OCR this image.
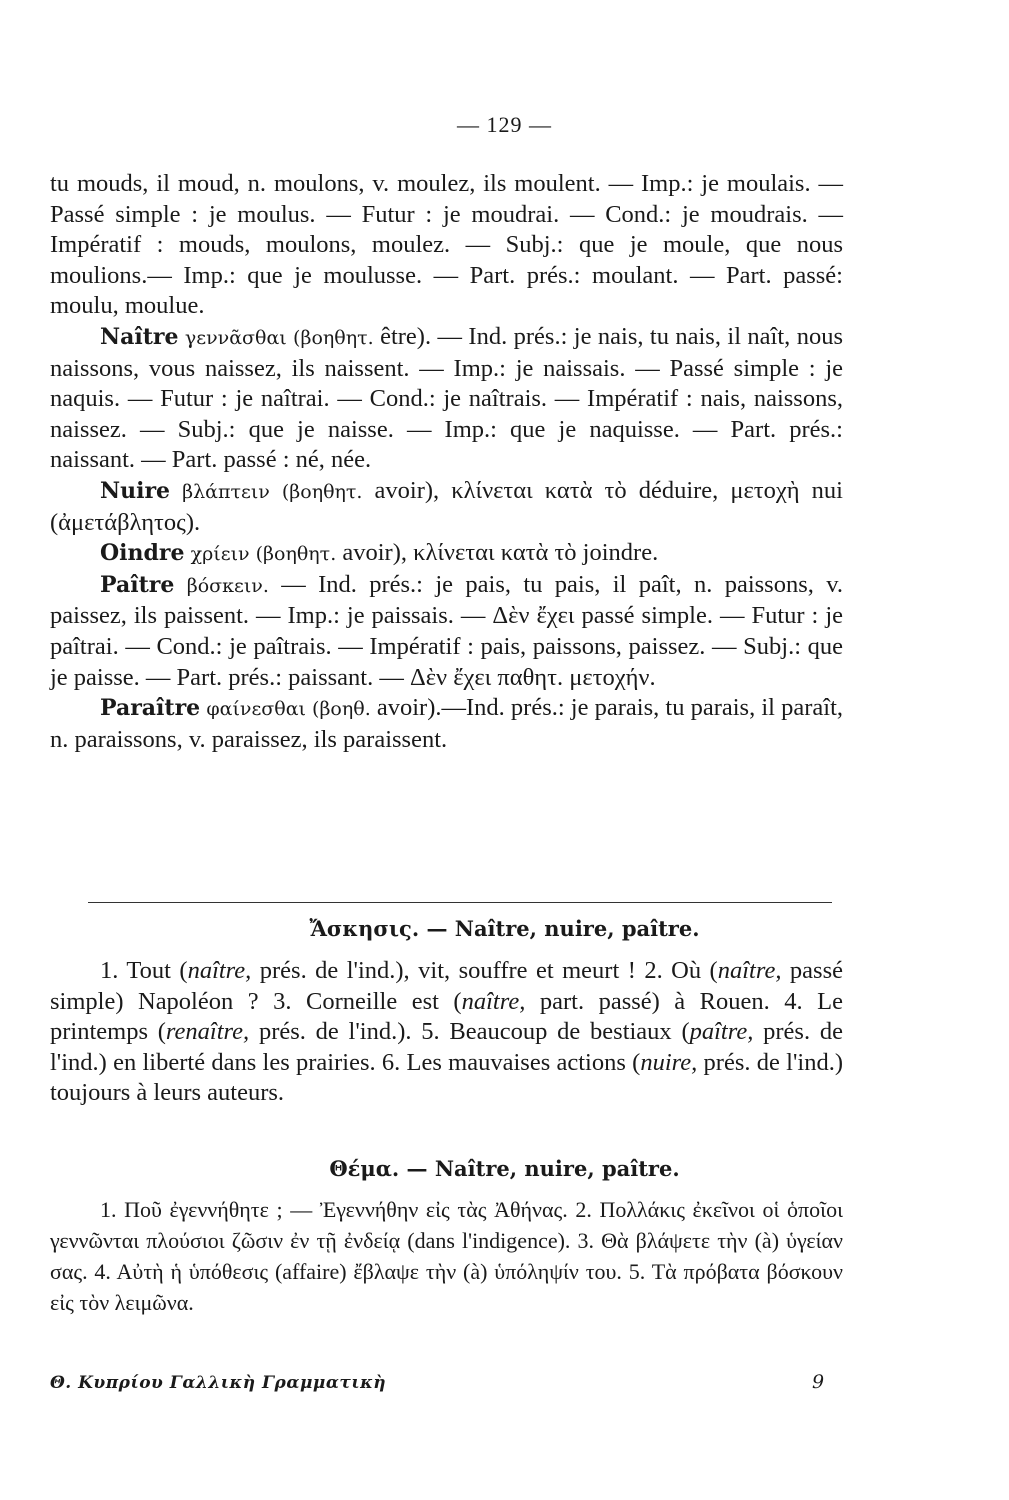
— 129 —

tu mouds, il moud, n. moulons, v. moulez, ils moulent. — Imp.: je moulais. — Passé simple : je moulus. — Futur : je moudrai. — Cond.: je moudrais. — Impératif : mouds, moulons, moulez. — Subj.: que je moule, que nous moulions.— Imp.: que je moulusse. — Part. prés.: moulant. — Part. passé: moulu, moulue.

Naître γεννᾶσθαι (βοηθητ. être). — Ind. prés.: je nais, tu nais, il naît, nous naissons, vous naissez, ils naissent. — Imp.: je naissais. — Passé simple : je naquis. — Futur : je naîtrai. — Cond.: je naîtrais. — Impératif : nais, naissons, naissez. — Subj.: que je naisse. — Imp.: que je naquisse. — Part. prés.: naissant. — Part. passé : né, née.

Nuire βλάπτειν (βοηθητ. avoir), κλίνεται κατὰ τὸ déduire, μετοχὴ nui (ἀμετάβλητος).

Oindre χρίειν (βοηθητ. avoir), κλίνεται κατὰ τὸ joindre.

Paître βόσκειν. — Ind. prés.: je pais, tu pais, il paît, n. paissons, v. paissez, ils paissent. — Imp.: je paissais. — Δὲν ἔχει passé simple. — Futur : je paîtrai. — Cond.: je paîtrais. — Impératif : pais, paissons, paissez. — Subj.: que je paisse. — Part. prés.: paissant. — Δὲν ἔχει παθητ. μετοχήν.

Paraître φαίνεσθαι (βοηθ. avoir).—Ind. prés.: je parais, tu parais, il paraît, n. paraissons, v. paraissez, ils paraissent.

Ἄσκησις. — Naître, nuire, paître.

1. Tout (naître, prés. de l'ind.), vit, souffre et meurt ! 2. Où (naître, passé simple) Napoléon ? 3. Corneille est (naître, part. passé) à Rouen. 4. Le printemps (renaître, prés. de l'ind.). 5. Beaucoup de bestiaux (paître, prés. de l'ind.) en liberté dans les prairies. 6. Les mauvaises actions (nuire, prés. de l'ind.) toujours à leurs auteurs.

Θέμα. — Naître, nuire, paître.

1. Ποῦ ἐγεννήθητε ; — Ἐγεννήθην εἰς τὰς Ἀθήνας. 2. Πολλάκις ἐκεῖνοι οἱ ὁποῖοι γεννῶνται πλούσιοι ζῶσιν ἐν τῇ ἐνδείᾳ (dans l'indigence). 3. Θὰ βλάψετε τὴν (à) ὑγείαν σας. 4. Αὐτὴ ἡ ὑπόθεσις (affaire) ἔβλαψε τὴν (à) ὑπόληψίν του. 5. Τὰ πρόβατα βόσκουν εἰς τὸν λειμῶνα.

Θ. Κυπρίου Γαλλικὴ Γραμματικὴ	9
